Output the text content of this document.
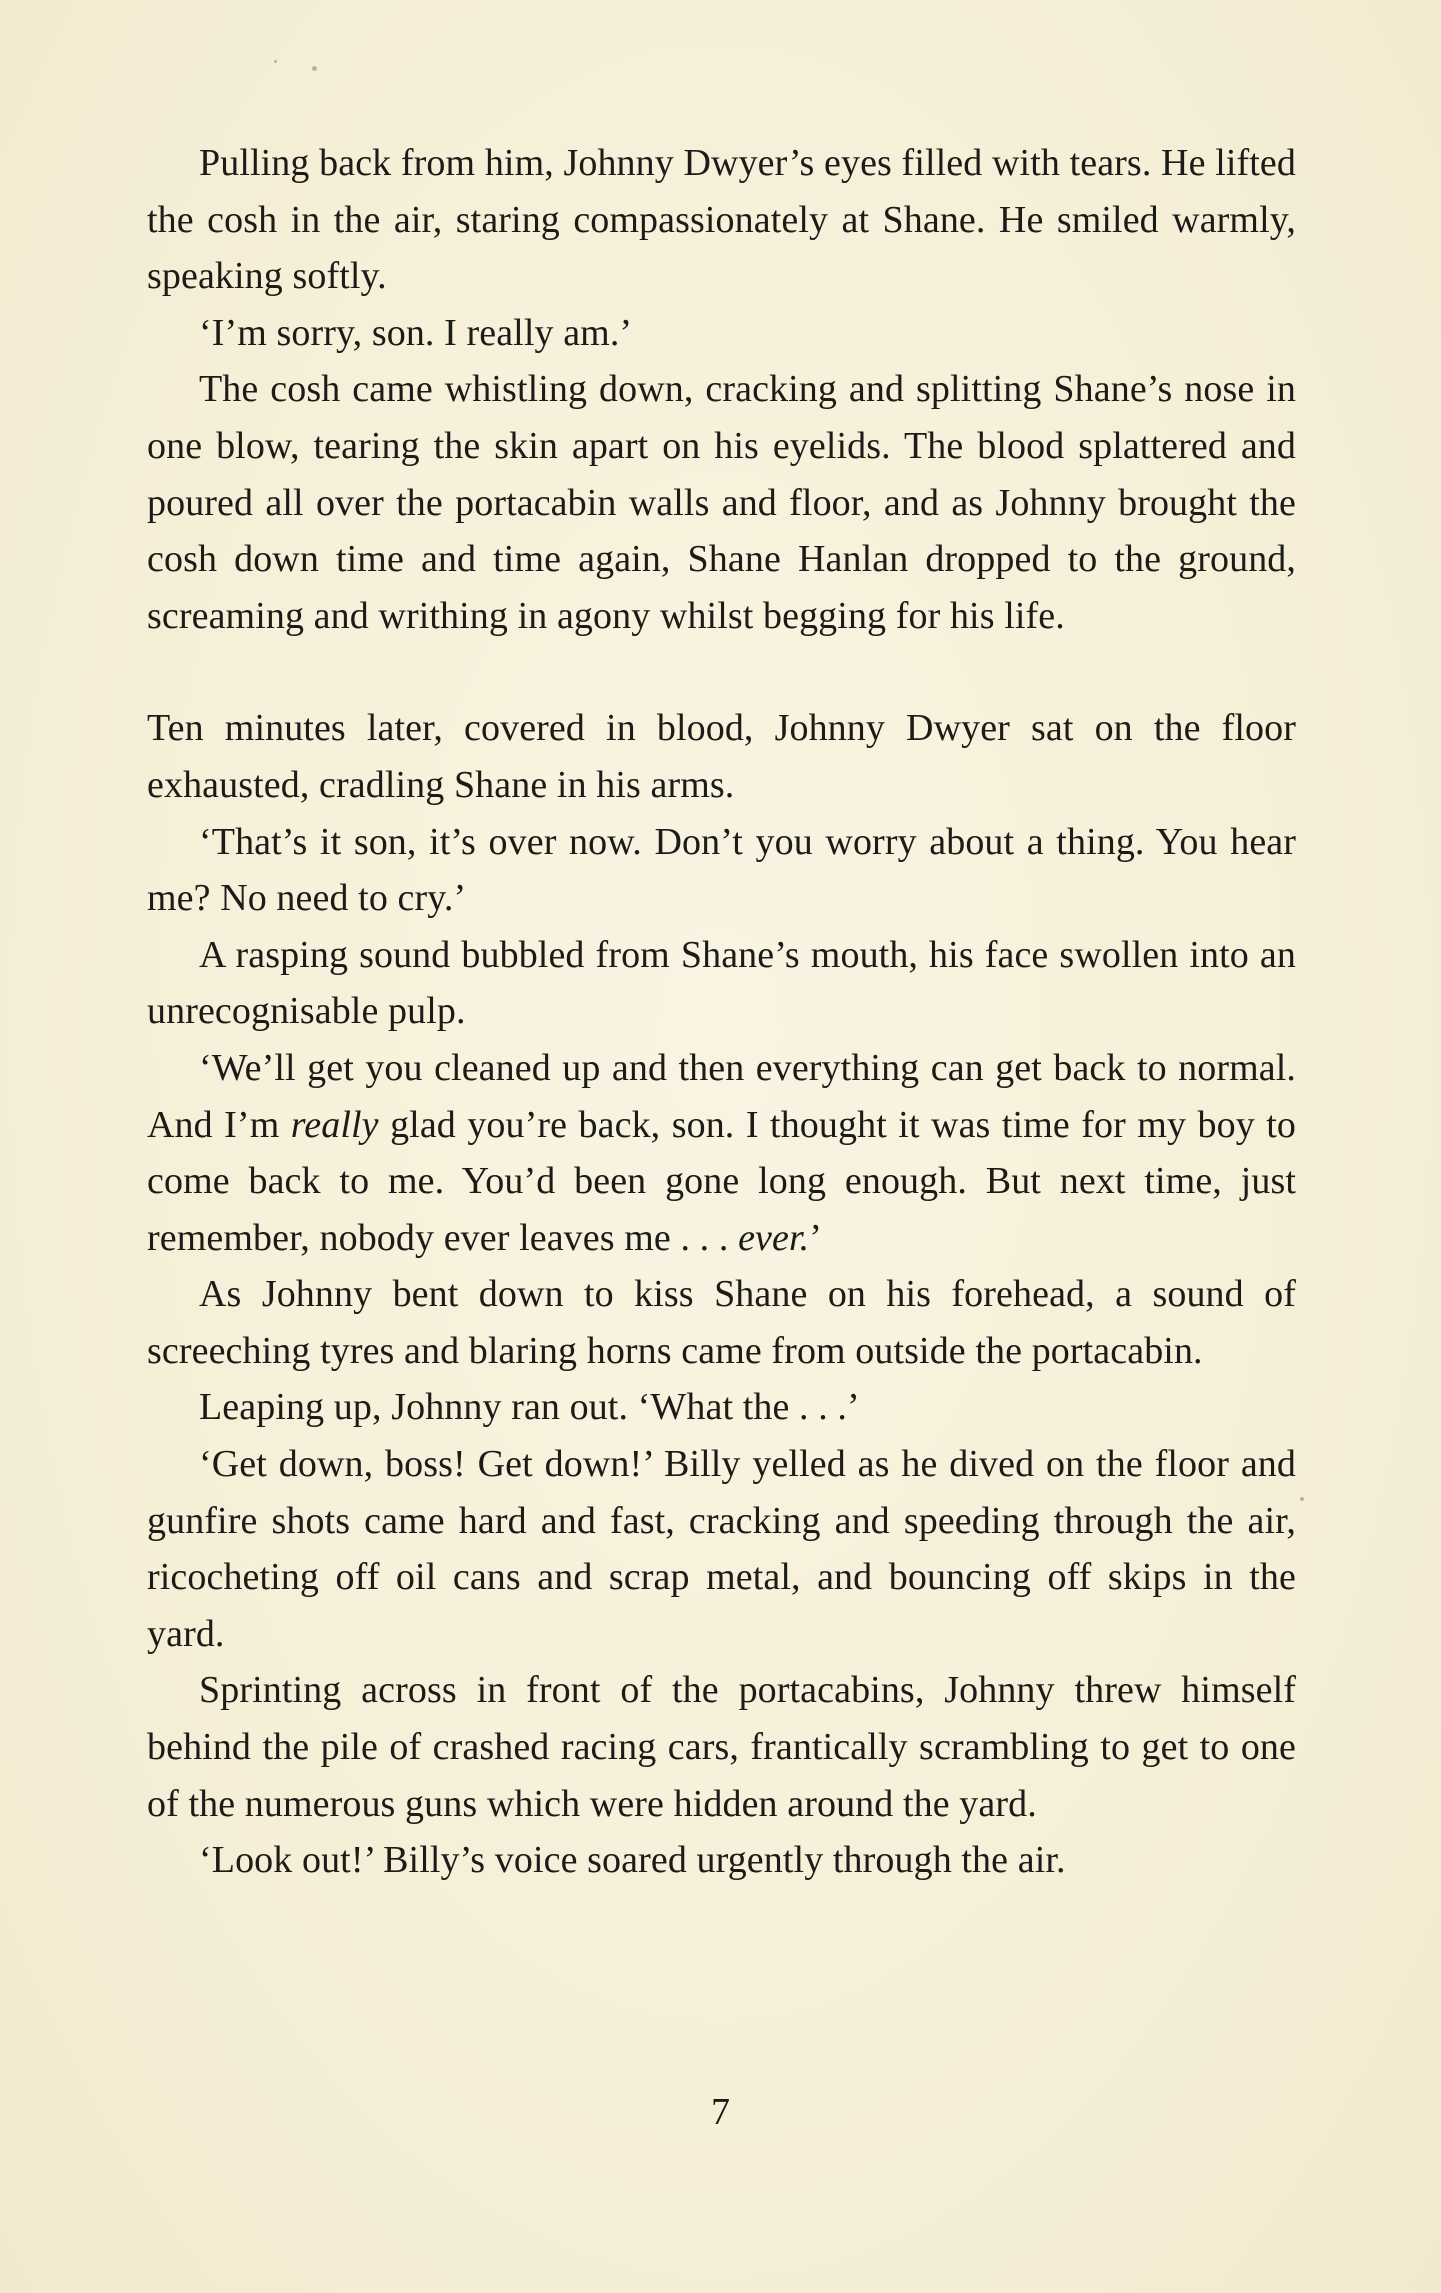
Pulling back from him, Johnny Dwyer’s eyes filled with tears. He lifted the cosh in the air, staring compassionately at Shane. He smiled warmly, speaking softly.

‘I’m sorry, son. I really am.’

The cosh came whistling down, cracking and splitting Shane’s nose in one blow, tearing the skin apart on his eyelids. The blood splattered and poured all over the portacabin walls and floor, and as Johnny brought the cosh down time and time again, Shane Hanlan dropped to the ground, screaming and writhing in agony whilst begging for his life.

Ten minutes later, covered in blood, Johnny Dwyer sat on the floor exhausted, cradling Shane in his arms.

‘That’s it son, it’s over now. Don’t you worry about a thing. You hear me? No need to cry.’

A rasping sound bubbled from Shane’s mouth, his face swollen into an unrecognisable pulp.

‘We’ll get you cleaned up and then everything can get back to normal. And I’m really glad you’re back, son. I thought it was time for my boy to come back to me. You’d been gone long enough. But next time, just remember, nobody ever leaves me . . . ever.’

As Johnny bent down to kiss Shane on his forehead, a sound of screeching tyres and blaring horns came from outside the portacabin.

Leaping up, Johnny ran out. ‘What the . . .’

‘Get down, boss! Get down!’ Billy yelled as he dived on the floor and gunfire shots came hard and fast, cracking and speeding through the air, ricocheting off oil cans and scrap metal, and bouncing off skips in the yard.

Sprinting across in front of the portacabins, Johnny threw himself behind the pile of crashed racing cars, frantically scrambling to get to one of the numerous guns which were hidden around the yard.

‘Look out!’ Billy’s voice soared urgently through the air.

7
